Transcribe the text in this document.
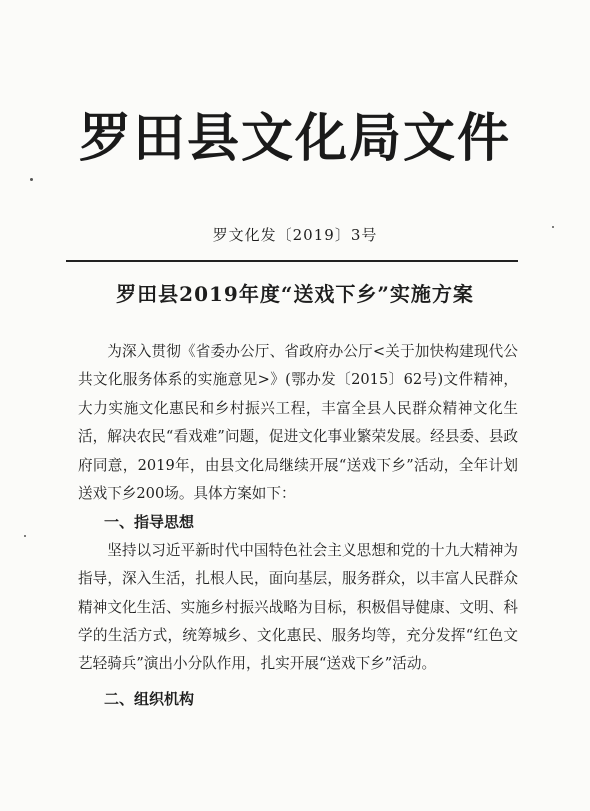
罗田县文化局文件
罗文化发〔2019〕3号
罗田县2019年度“送戏下乡”实施方案

为深入贯彻《省委办公厅、省政府办公厅<关于加快构建现代公共文化服务体系的实施意见>》(鄂办发〔2015〕62号)文件精神，大力实施文化惠民和乡村振兴工程，丰富全县人民群众精神文化生活，解决农民“看戏难”问题，促进文化事业繁荣发展。经县委、县政府同意，2019年，由县文化局继续开展“送戏下乡”活动，全年计划送戏下乡200场。具体方案如下：

一、指导思想

坚持以习近平新时代中国特色社会主义思想和党的十九大精神为指导，深入生活，扎根人民，面向基层，服务群众，以丰富人民群众精神文化生活、实施乡村振兴战略为目标，积极倡导健康、文明、科学的生活方式，统筹城乡、文化惠民、服务均等，充分发挥“红色文艺轻骑兵”演出小分队作用，扎实开展“送戏下乡”活动。

二、组织机构
